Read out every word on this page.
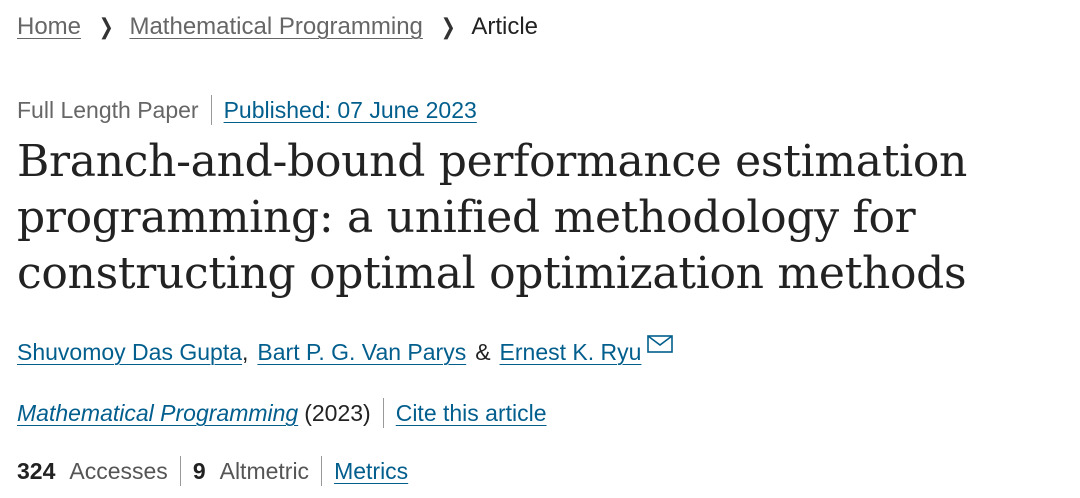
Home ❯ Mathematical Programming ❯ Article
Full Length Paper Published: 07 June 2023
Branch-and-bound performance estimation programming: a unified methodology for constructing optimal optimization methods
Shuvomoy Das Gupta , Bart P. G. Van Parys & Ernest K. Ryu
Mathematical Programming (2023) Cite this article
324 Accesses 9 Altmetric Metrics
